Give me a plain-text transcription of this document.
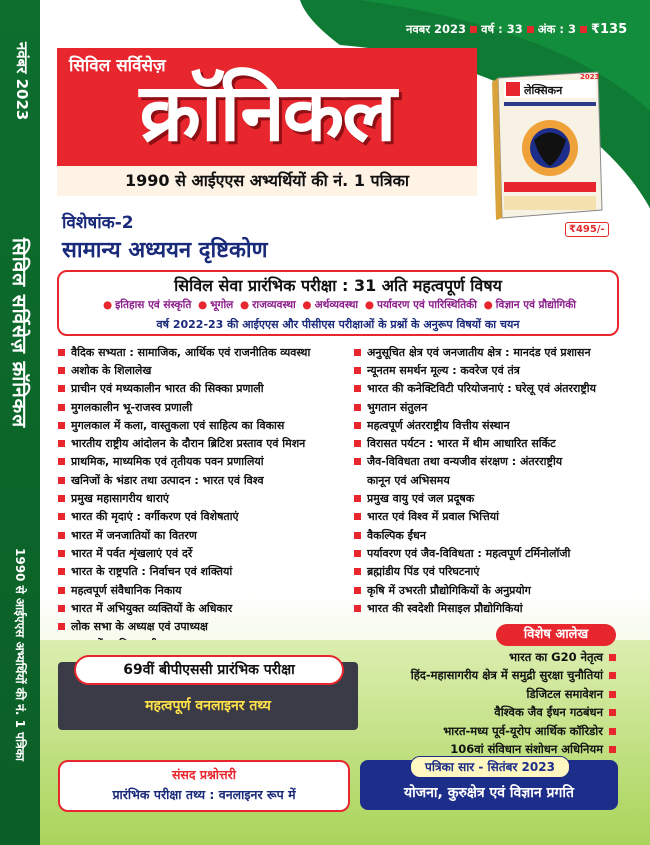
नवंबर 2023
सिविल सर्विसेज़ क्रॉनिकल
1990 से आईएएस अभ्यर्थियों की नं. 1 पत्रिका
नवबर 2023 वर्ष : 33 अंक : 3 ₹135
सिविल सर्विसेज़
क्रॉनिकल
1990 से आईएएस अभ्यर्थियों की नं. 1 पत्रिका
लेक्सिकन
2023
₹495/-
विशेषांक-2
सामान्य अध्ययन दृष्टिकोण
सिविल सेवा प्रारंभिक परीक्षा : 31 अति महत्वपूर्ण विषय
● इतिहास एवं संस्कृति ● भूगोल ● राजव्यवस्था ● अर्थव्यवस्था ● पर्यावरण एवं पारिस्थितिकी ● विज्ञान एवं प्रौद्योगिकी
वर्ष 2022-23 की आईएएस और पीसीएस परीक्षाओं के प्रश्नों के अनुरूप विषयों का चयन
वैदिक सभ्यता : सामाजिक, आर्थिक एवं राजनीतिक व्यवस्था
अशोक के शिलालेख
प्राचीन एवं मध्यकालीन भारत की सिक्का प्रणाली
मुगलकालीन भू-राजस्व प्रणाली
मुगलकाल में कला, वास्तुकला एवं साहित्य का विकास
भारतीय राष्ट्रीय आंदोलन के दौरान ब्रिटिश प्रस्ताव एवं मिशन
प्राथमिक, माध्यमिक एवं तृतीयक पवन प्रणालियां
खनिजों के भंडार तथा उत्पादन : भारत एवं विश्व
प्रमुख महासागरीय धाराएं
भारत की मृदाएं : वर्गीकरण एवं विशेषताएं
भारत में जनजातियों का वितरण
भारत में पर्वत शृंखलाएं एवं दर्रे
भारत के राष्ट्रपति : निर्वाचन एवं शक्तियां
महत्वपूर्ण संवैधानिक निकाय
भारत में अभियुक्त व्यक्तियों के अधिकार
लोक सभा के अध्यक्ष एवं उपाध्यक्ष
अनुसूचित क्षेत्र एवं जनजातीय क्षेत्र : मानदंड एवं प्रशासन
न्यूनतम समर्थन मूल्य : कवरेज एवं तंत्र
भारत की कनेक्टिविटी परियोजनाएं : घरेलू एवं अंतरराष्ट्रीय
भुगतान संतुलन
महत्वपूर्ण अंतरराष्ट्रीय वित्तीय संस्थान
विरासत पर्यटन : भारत में थीम आधारित सर्किट
जैव-विविधता तथा वन्यजीव संरक्षण : अंतरराष्ट्रीय
कानून एवं अभिसमय
प्रमुख वायु एवं जल प्रदूषक
भारत एवं विश्व में प्रवाल भित्तियां
वैकल्पिक ईंधन
पर्यावरण एवं जैव-विविधता : महत्वपूर्ण टर्मिनोलॉजी
ब्रह्मांडीय पिंड एवं परिघटनाएं
कृषि में उभरती प्रौद्योगिकियों के अनुप्रयोग
भारत की स्वदेशी मिसाइल प्रौद्योगिकियां
विशेष आलेख
भारत का G20 नेतृत्व
हिंद-महासागरीय क्षेत्र में समुद्री सुरक्षा चुनौतियां
डिजिटल समावेशन
वैश्विक जैव ईंधन गठबंधन
भारत-मध्य पूर्व-यूरोप आर्थिक कॉरिडोर
106वां संविधान संशोधन अधिनियम
69वीं बीपीएससी प्रारंभिक परीक्षा
महत्वपूर्ण वनलाइनर तथ्य
संसद प्रश्नोत्तरी
प्रारंभिक परीक्षा तथ्य : वनलाइनर रूप में
पत्रिका सार - सितंबर 2023
योजना, कुरुक्षेत्र एवं विज्ञान प्रगति
